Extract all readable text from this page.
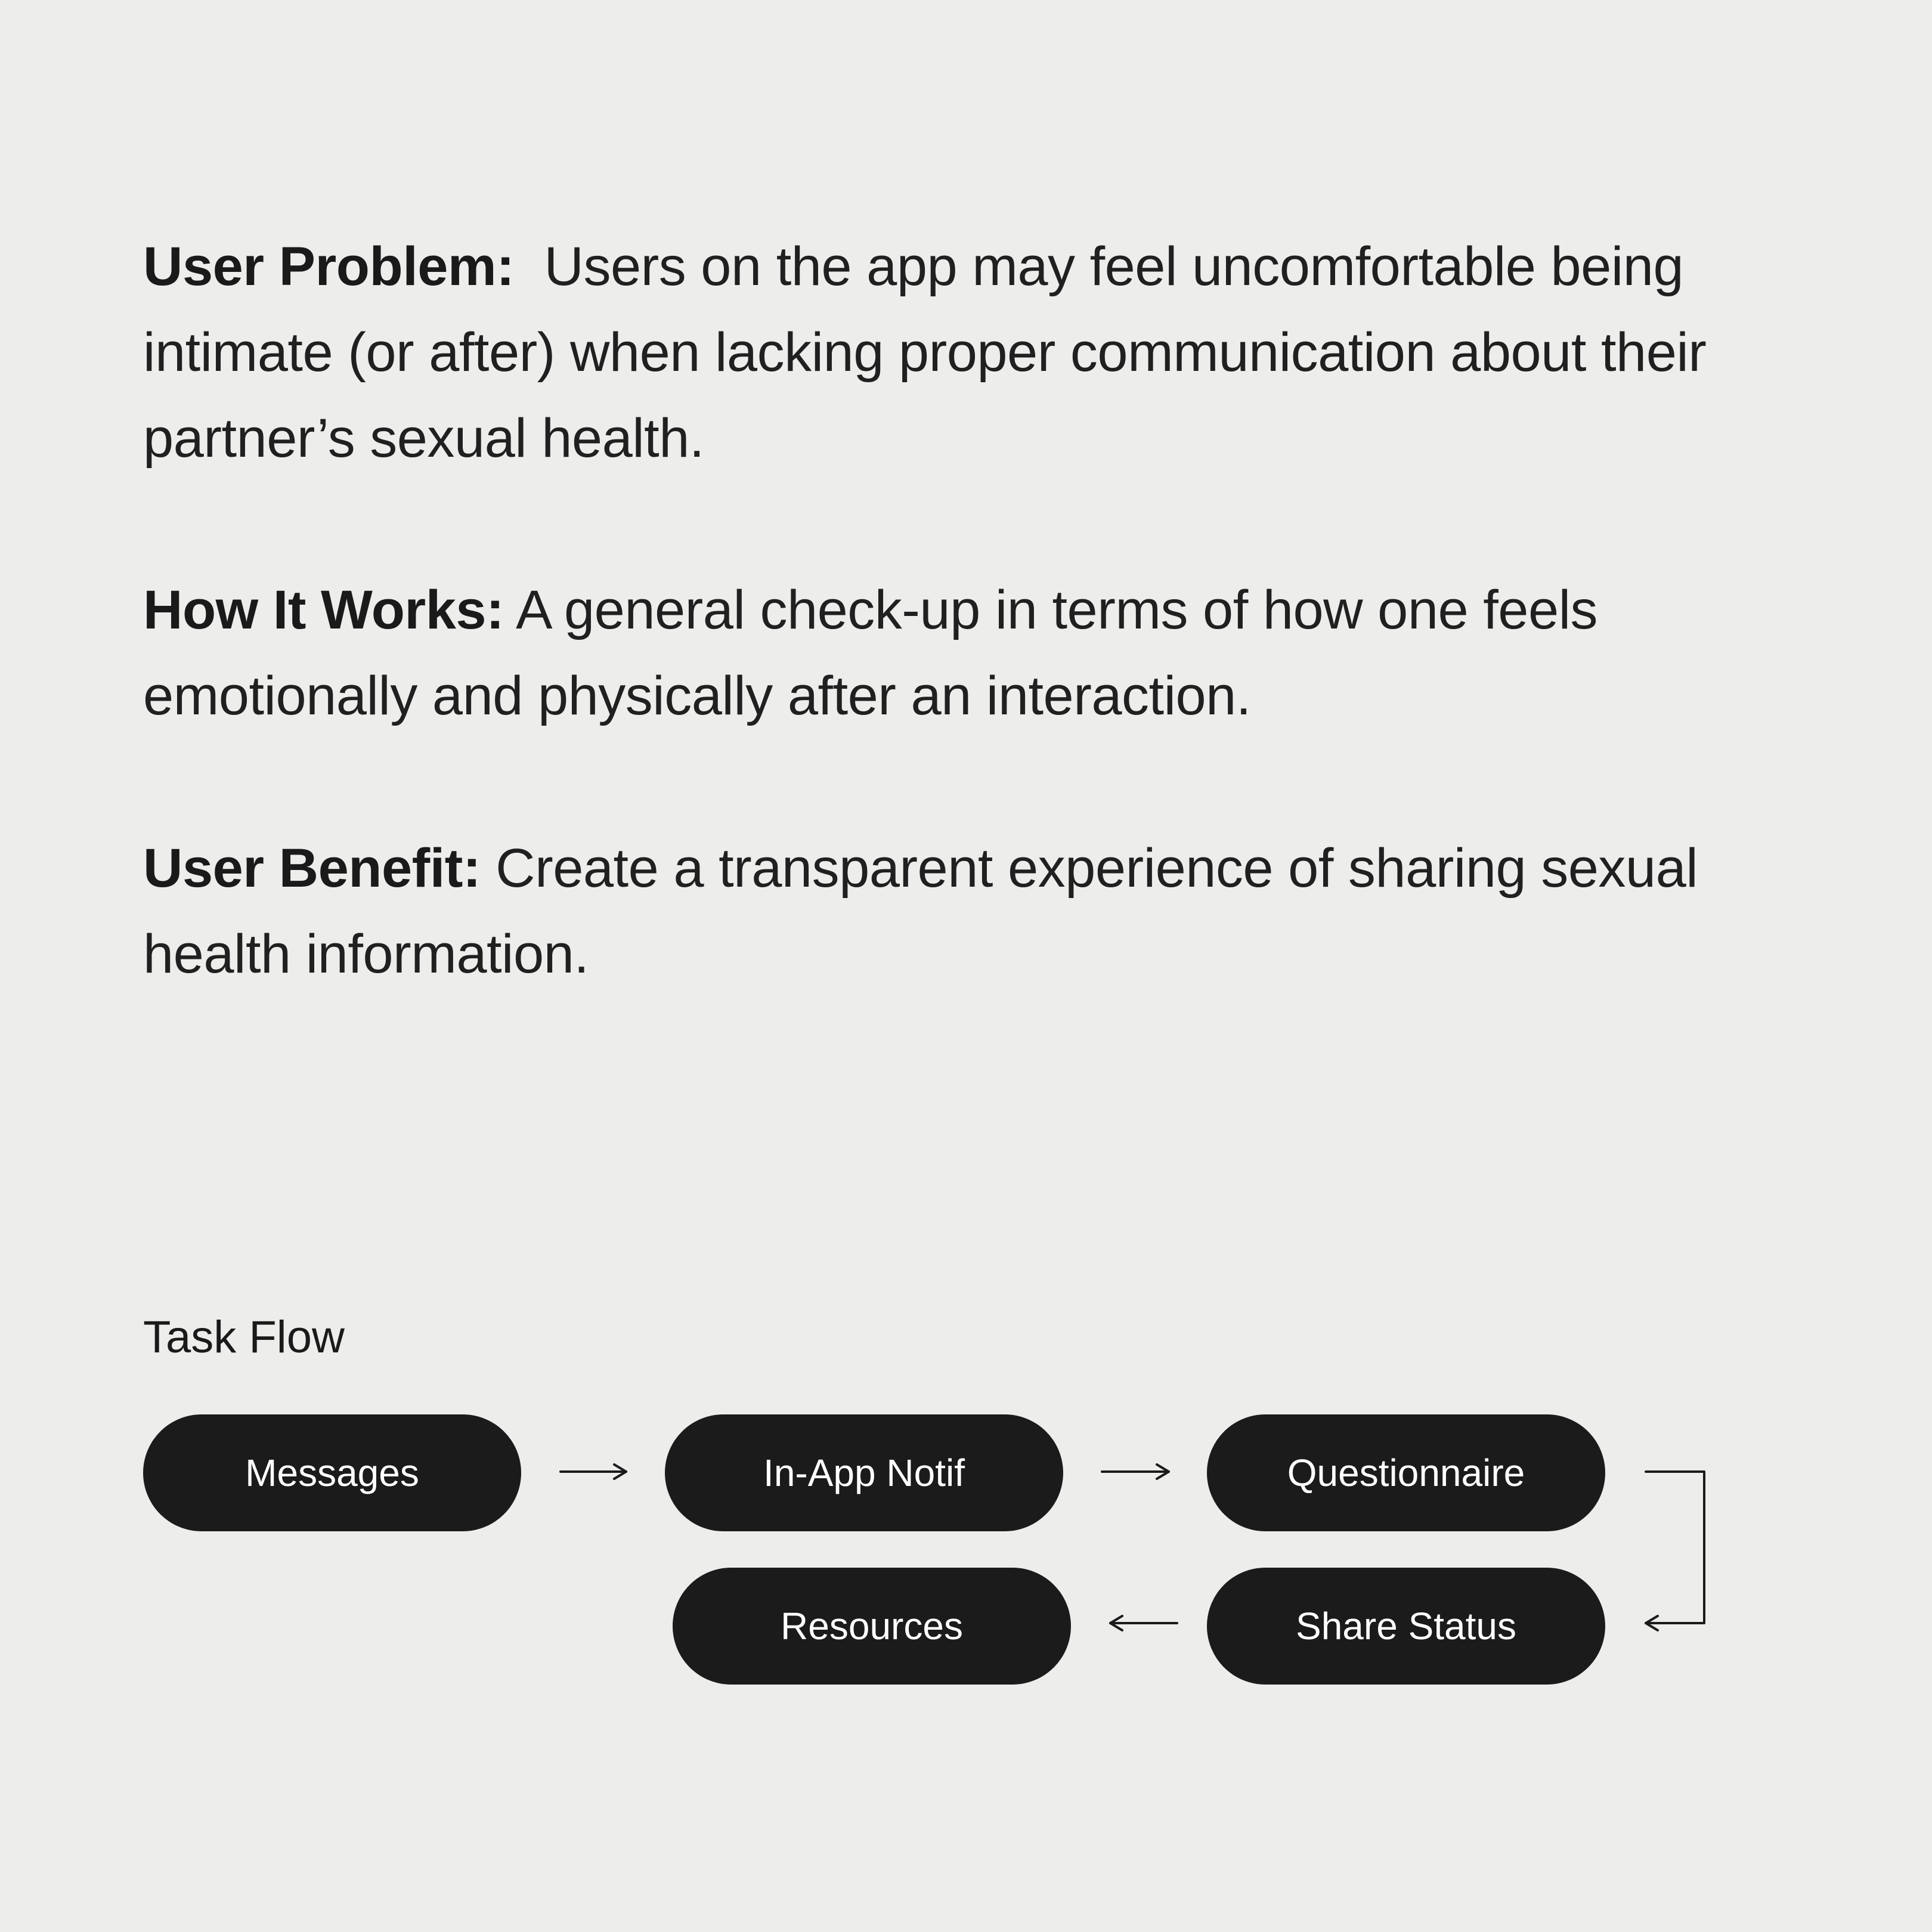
User Problem: Users on the app may feel uncomfortable being intimate (or after) when lacking proper communication about their partner’s sexual health.
How It Works: A general check-up in terms of how one feels emotionally and physically after an interaction.
User Benefit: Create a transparent experience of sharing sexual health information.
Task Flow
Messages	In-App Notif	Questionnaire
Resources	Share Status
